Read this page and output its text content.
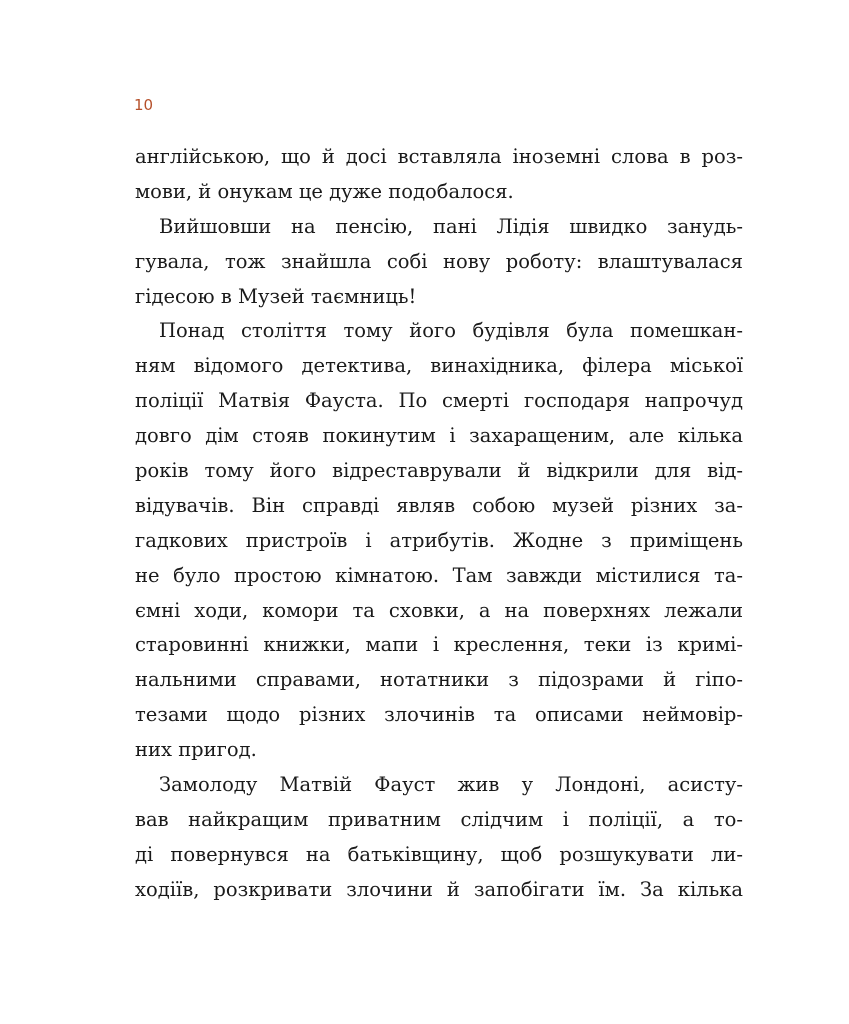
10
англійською, що й досі вставляла іноземні слова в роз-
мови, й онукам це дуже подобалося.
Вийшовши на пенсію, пані Лідія швидко занудь-
гувала, тож знайшла собі нову роботу: влаштувалася
гідесою в Музей таємниць!
Понад століття тому його будівля була помешкан-
ням відомого детектива, винахідника, філера міської
поліції Матвія Фауста. По смерті господаря напрочуд
довго дім стояв покинутим і захаращеним, але кілька
років тому його відреставрували й відкрили для від-
відувачів. Він справді являв собою музей різних за-
гадкових пристроїв і атрибутів. Жодне з приміщень
не було простою кімнатою. Там завжди містилися та-
ємні ходи, комори та сховки, а на поверхнях лежали
старовинні книжки, мапи і креслення, теки із кримі-
нальними справами, нотатники з підозрами й гіпо-
тезами щодо різних злочинів та описами неймовір-
них пригод.
Замолоду Матвій Фауст жив у Лондоні, асисту-
вав найкращим приватним слідчим і поліції, а то-
ді повернувся на батьківщину, щоб розшукувати ли-
ходіїв, розкривати злочини й запобігати їм. За кілька
